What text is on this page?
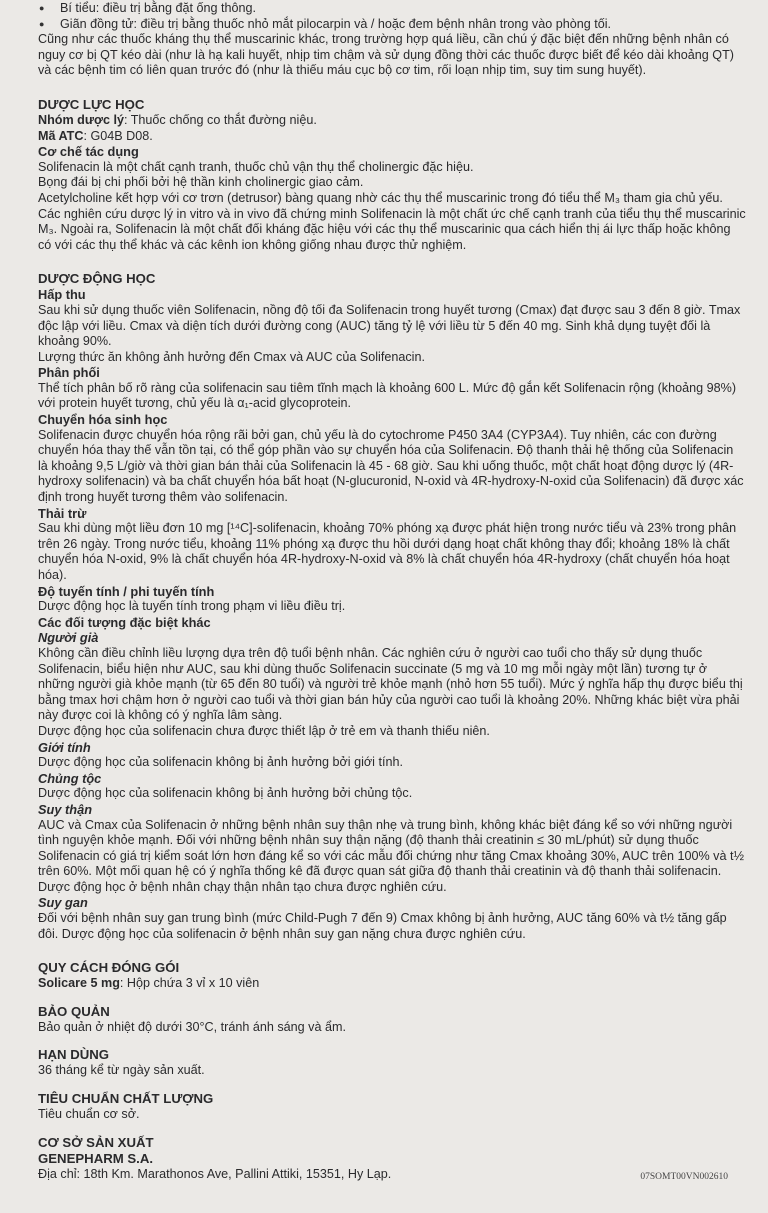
● Bí tiểu: điều trị bằng đặt ống thông.

● Giãn đồng tử: điều trị bằng thuốc nhỏ mắt pilocarpin và / hoặc đem bệnh nhân trong vào phòng tối.

Cũng như các thuốc kháng thụ thể muscarinic khác, trong trường hợp quá liều, cần chú ý đặc biệt đến những bệnh nhân có nguy cơ bị QT kéo dài (như là hạ kali huyết, nhịp tim chậm và sử dụng đồng thời các thuốc được biết để kéo dài khoảng QT) và các bệnh tim có liên quan trước đó (như là thiếu máu cục bộ cơ tim, rối loạn nhịp tim, suy tim sung huyết).

DƯỢC LỰC HỌC

Nhóm dược lý: Thuốc chống co thắt đường niệu.

Mã ATC: G04B D08.

Cơ chế tác dụng

Solifenacin là một chất cạnh tranh, thuốc chủ vận thụ thể cholinergic đặc hiệu.

Bọng đái bị chi phối bởi hệ thần kinh cholinergic giao cảm.

Acetylcholine kết hợp với cơ trơn (detrusor) bàng quang nhờ các thụ thể muscarinic trong đó tiểu thể M₃ tham gia chủ yếu. Các nghiên cứu dược lý in vitro và in vivo đã chứng minh Solifenacin là một chất ức chế cạnh tranh của tiểu thụ thể muscarinic M₃. Ngoài ra, Solifenacin là một chất đối kháng đặc hiệu với các thụ thể muscarinic qua cách hiển thị ái lực thấp hoặc không có với các thụ thể khác và các kênh ion không giống nhau được thử nghiệm.

DƯỢC ĐỘNG HỌC
Hấp thu

Sau khi sử dụng thuốc viên Solifenacin, nồng độ tối đa Solifenacin trong huyết tương (Cmax) đạt được sau 3 đến 8 giờ. Tmax độc lập với liều. Cmax và diện tích dưới đường cong (AUC) tăng tỷ lệ với liều từ 5 đến 40 mg. Sinh khả dụng tuyệt đối là khoảng 90%.

Lượng thức ăn không ảnh hưởng đến Cmax và AUC của Solifenacin.

Phân phối

Thể tích phân bố rõ ràng của solifenacin sau tiêm tĩnh mạch là khoảng 600 L. Mức độ gắn kết Solifenacin rộng (khoảng 98%) với protein huyết tương, chủ yếu là α₁-acid glycoprotein.

Chuyển hóa sinh học

Solifenacin được chuyển hóa rộng rãi bởi gan, chủ yếu là do cytochrome P450 3A4 (CYP3A4). Tuy nhiên, các con đường chuyển hóa thay thế vẫn tồn tại, có thể góp phần vào sự chuyển hóa của Solifenacin. Độ thanh thải hệ thống của Solifenacin là khoảng 9,5 L/giờ và thời gian bán thải của Solifenacin là 45 - 68 giờ. Sau khi uống thuốc, một chất hoạt động dược lý (4R-hydroxy solifenacin) và ba chất chuyển hóa bất hoạt (N-glucuronid, N-oxid và 4R-hydroxy-N-oxid của Solifenacin) đã được xác định trong huyết tương thêm vào solifenacin.

Thải trừ

Sau khi dùng một liều đơn 10 mg [¹⁴C]-solifenacin, khoảng 70% phóng xạ được phát hiện trong nước tiểu và 23% trong phân trên 26 ngày. Trong nước tiểu, khoảng 11% phóng xạ được thu hồi dưới dạng hoạt chất không thay đổi; khoảng 18% là chất chuyển hóa N-oxid, 9% là chất chuyển hóa 4R-hydroxy-N-oxid và 8% là chất chuyển hóa 4R-hydroxy (chất chuyển hóa hoạt hóa).

Độ tuyến tính / phi tuyến tính

Dược động học là tuyến tính trong phạm vi liều điều trị.

Các đối tượng đặc biệt khác
Người già

Không cần điều chỉnh liều lượng dựa trên độ tuổi bệnh nhân. Các nghiên cứu ở người cao tuổi cho thấy sử dụng thuốc Solifenacin, biểu hiện như AUC, sau khi dùng thuốc Solifenacin succinate (5 mg và 10 mg mỗi ngày một lần) tương tự ở những người già khỏe mạnh (từ 65 đến 80 tuổi) và người trẻ khỏe mạnh (nhỏ hơn 55 tuổi). Mức ý nghĩa hấp thụ được biểu thị bằng tmax hơi chậm hơn ở người cao tuổi và thời gian bán hủy của người cao tuổi là khoảng 20%. Những khác biệt vừa phải này được coi là không có ý nghĩa lâm sàng.

Dược động học của solifenacin chưa được thiết lập ở trẻ em và thanh thiếu niên.

Giới tính

Dược động học của solifenacin không bị ảnh hưởng bởi giới tính.

Chủng tộc

Dược động học của solifenacin không bị ảnh hưởng bởi chủng tộc.

Suy thận

AUC và Cmax của Solifenacin ở những bệnh nhân suy thận nhẹ và trung bình, không khác biệt đáng kể so với những người tình nguyện khỏe mạnh. Đối với những bệnh nhân suy thận nặng (độ thanh thải creatinin ≤ 30 mL/phút) sử dụng thuốc Solifenacin có giá trị kiểm soát lớn hơn đáng kể so với các mẫu đối chứng như tăng Cmax khoảng 30%, AUC trên 100% và t½ trên 60%. Một mối quan hệ có ý nghĩa thống kê đã được quan sát giữa độ thanh thải creatinin và độ thanh thải solifenacin.

Dược động học ở bệnh nhân chạy thận nhân tạo chưa được nghiên cứu.

Suy gan

Đối với bệnh nhân suy gan trung bình (mức Child-Pugh 7 đến 9) Cmax không bị ảnh hưởng, AUC tăng 60% và t½ tăng gấp đôi. Dược động học của solifenacin ở bệnh nhân suy gan nặng chưa được nghiên cứu.

QUY CÁCH ĐÓNG GÓI

Solicare 5 mg: Hộp chứa 3 vỉ x 10 viên

BẢO QUẢN

Bảo quản ở nhiệt độ dưới 30°C, tránh ánh sáng và ẩm.

HẠN DÙNG

36 tháng kể từ ngày sản xuất.

TIÊU CHUẨN CHẤT LƯỢNG

Tiêu chuẩn cơ sở.

CƠ SỞ SẢN XUẤT
GENEPHARM S.A.

Địa chỉ: 18th Km. Marathonos Ave, Pallini Attiki, 15351, Hy Lạp.	07SOMT00VN002610
